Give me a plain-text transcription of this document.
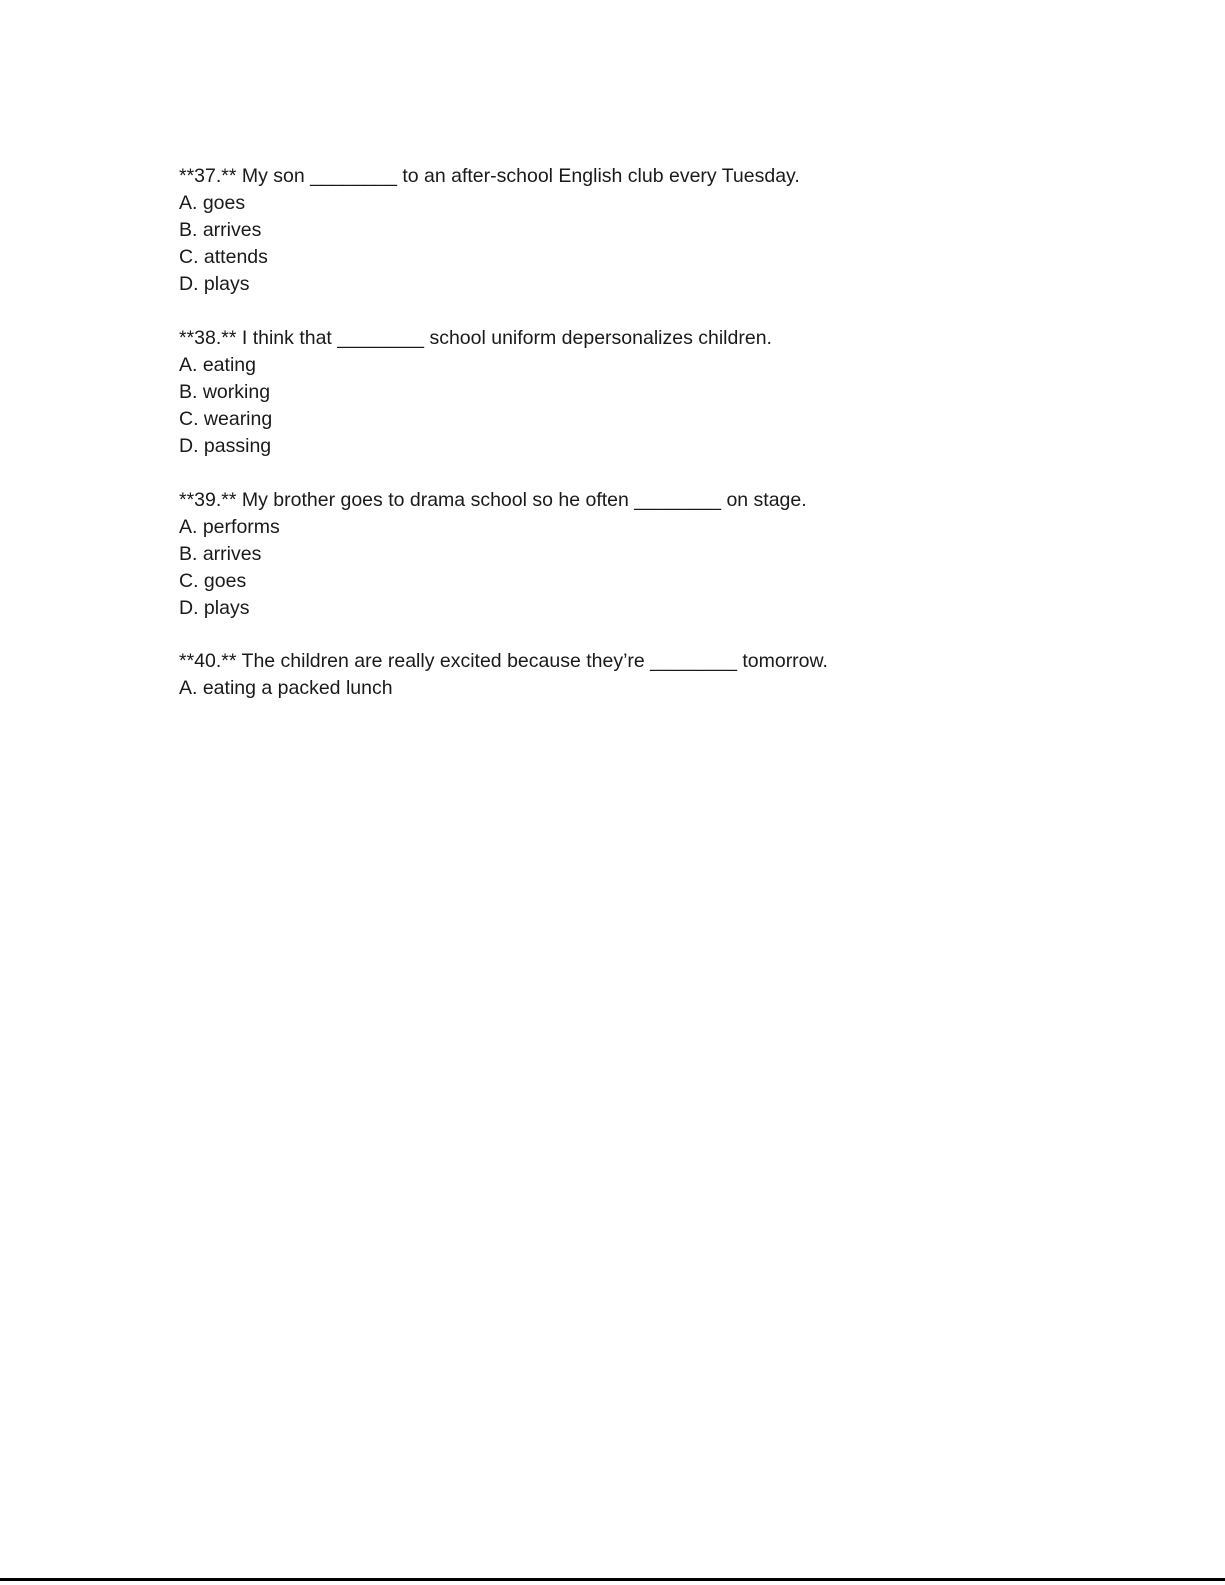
**37.** My son ________ to an after-school English club every Tuesday.
A. goes
B. arrives
C. attends
D. plays
**38.** I think that ________ school uniform depersonalizes children.
A. eating
B. working
C. wearing
D. passing
**39.** My brother goes to drama school so he often ________ on stage.
A. performs
B. arrives
C. goes
D. plays
**40.** The children are really excited because they’re ________ tomorrow.
A. eating a packed lunch
